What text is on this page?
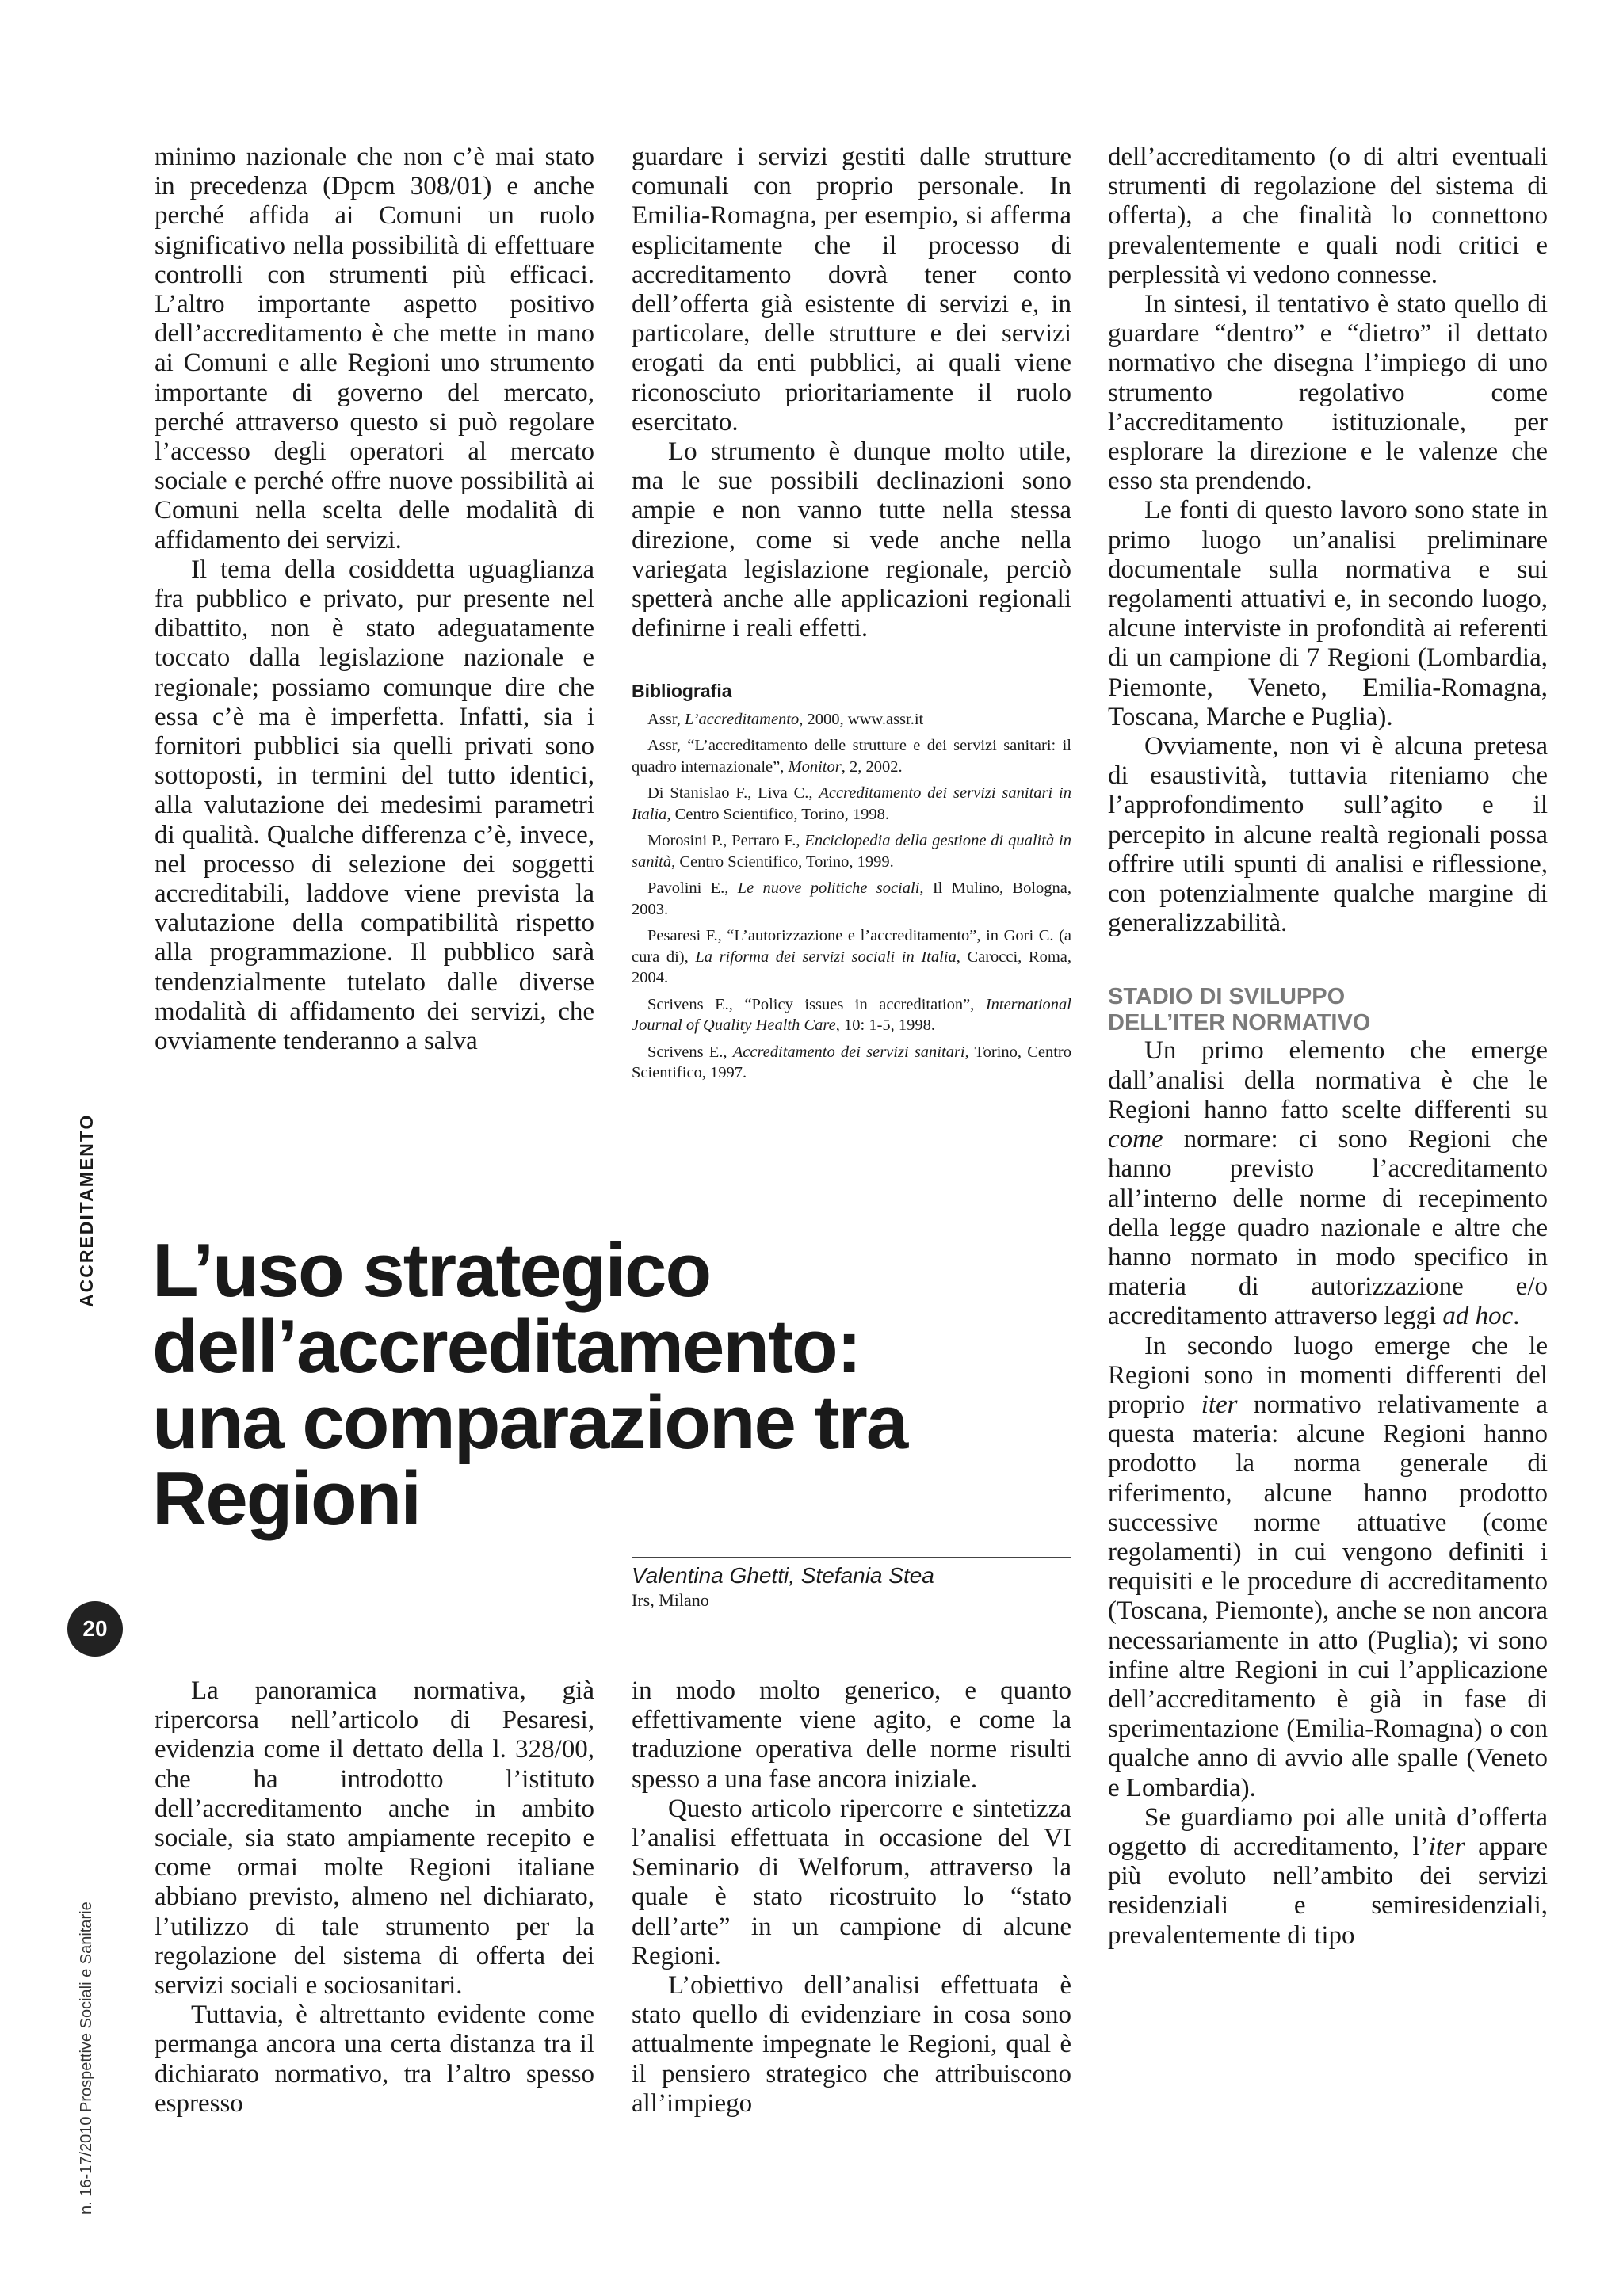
ACCREDITAMENTO
20
n. 16-17/2010 Prospettive Sociali e Sanitarie

minimo nazionale che non c’è mai stato in precedenza (Dpcm 308/01) e anche perché affida ai Comuni un ruolo significativo nella possibilità di effettuare controlli con strumenti più efficaci. L’altro importante aspetto positivo dell’accreditamento è che mette in mano ai Comuni e alle Regioni uno strumento importante di governo del mercato, perché attraverso questo si può regolare l’accesso degli operatori al mercato sociale e perché offre nuove possibilità ai Comuni nella scelta delle modalità di affidamento dei servizi.

Il tema della cosiddetta uguaglianza fra pubblico e privato, pur presente nel dibattito, non è stato adeguatamente toccato dalla legislazione nazionale e regionale; possiamo comunque dire che essa c’è ma è imperfetta. Infatti, sia i fornitori pubblici sia quelli privati sono sottoposti, in termini del tutto identici, alla valutazione dei medesimi parametri di qualità. Qualche differenza c’è, invece, nel processo di selezione dei soggetti accreditabili, laddove viene prevista la valutazione della compatibilità rispetto alla programmazione. Il pubblico sarà tendenzialmente tutelato dalle diverse modalità di affidamento dei servizi, che ovviamente tenderanno a salva

guardare i servizi gestiti dalle strutture comunali con proprio personale. In Emilia-Romagna, per esempio, si afferma esplicitamente che il processo di accreditamento dovrà tener conto dell’offerta già esistente di servizi e, in particolare, delle strutture e dei servizi erogati da enti pubblici, ai quali viene riconosciuto prioritariamente il ruolo esercitato.

Lo strumento è dunque molto utile, ma le sue possibili declinazioni sono ampie e non vanno tutte nella stessa direzione, come si vede anche nella variegata legislazione regionale, perciò spetterà anche alle applicazioni regionali definirne i reali effetti.

Bibliografia
Assr, L’accreditamento, 2000, www.assr.it
Assr, “L’accreditamento delle strutture e dei servizi sanitari: il quadro internazionale”, Monitor, 2, 2002.
Di Stanislao F., Liva C., Accreditamento dei servizi sanitari in Italia, Centro Scientifico, Torino, 1998.
Morosini P., Perraro F., Enciclopedia della gestione di qualità in sanità, Centro Scientifico, Torino, 1999.
Pavolini E., Le nuove politiche sociali, Il Mulino, Bologna, 2003.
Pesaresi F., “L’autorizzazione e l’accreditamento”, in Gori C. (a cura di), La riforma dei servizi sociali in Italia, Carocci, Roma, 2004.
Scrivens E., “Policy issues in accreditation”, International Journal of Quality Health Care, 10: 1-5, 1998.
Scrivens E., Accreditamento dei servizi sanitari, Torino, Centro Scientifico, 1997.

dell’accreditamento (o di altri eventuali strumenti di regolazione del sistema di offerta), a che finalità lo connettono prevalentemente e quali nodi critici e perplessità vi vedono connesse.

In sintesi, il tentativo è stato quello di guardare “dentro” e “dietro” il dettato normativo che disegna l’impiego di uno strumento regolativo come l’accreditamento istituzionale, per esplorare la direzione e le valenze che esso sta prendendo.

Le fonti di questo lavoro sono state in primo luogo un’analisi preliminare documentale sulla normativa e sui regolamenti attuativi e, in secondo luogo, alcune interviste in profondità ai referenti di un campione di 7 Regioni (Lombardia, Piemonte, Veneto, Emilia-Romagna, Toscana, Marche e Puglia).

Ovviamente, non vi è alcuna pretesa di esaustività, tuttavia riteniamo che l’approfondimento sull’agito e il percepito in alcune realtà regionali possa offrire utili spunti di analisi e riflessione, con potenzialmente qualche margine di generalizzabilità.

STADIO DI SVILUPPO
DELL’ITER NORMATIVO

Un primo elemento che emerge dall’analisi della normativa è che le Regioni hanno fatto scelte differenti su come normare: ci sono Regioni che hanno previsto l’accreditamento all’interno delle norme di recepimento della legge quadro nazionale e altre che hanno normato in modo specifico in materia di autorizzazione e/o accreditamento attraverso leggi ad hoc.

In secondo luogo emerge che le Regioni sono in momenti differenti del proprio iter normativo relativamente a questa materia: alcune Regioni hanno prodotto la norma generale di riferimento, alcune hanno prodotto successive norme attuative (come regolamenti) in cui vengono definiti i requisiti e le procedure di accreditamento (Toscana, Piemonte), anche se non ancora necessariamente in atto (Puglia); vi sono infine altre Regioni in cui l’applicazione dell’accreditamento è già in fase di sperimentazione (Emilia-Romagna) o con qualche anno di avvio alle spalle (Veneto e Lombardia).

Se guardiamo poi alle unità d’offerta oggetto di accreditamento, l’iter appare più evoluto nell’ambito dei servizi residenziali e semiresidenziali, prevalentemente di tipo

L’uso strategico
dell’accreditamento:
una comparazione tra
Regioni
Valentina Ghetti, Stefania Stea
Irs, Milano

La panoramica normativa, già ripercorsa nell’articolo di Pesaresi, evidenzia come il dettato della l. 328/00, che ha introdotto l’istituto dell’accreditamento anche in ambito sociale, sia stato ampiamente recepito e come ormai molte Regioni italiane abbiano previsto, almeno nel dichiarato, l’utilizzo di tale strumento per la regolazione del sistema di offerta dei servizi sociali e sociosanitari.

Tuttavia, è altrettanto evidente come permanga ancora una certa distanza tra il dichiarato normativo, tra l’altro spesso espresso

in modo molto generico, e quanto effettivamente viene agito, e come la traduzione operativa delle norme risulti spesso a una fase ancora iniziale.

Questo articolo ripercorre e sintetizza l’analisi effettuata in occasione del VI Seminario di Welforum, attraverso la quale è stato ricostruito lo “stato dell’arte” in un campione di alcune Regioni.

L’obiettivo dell’analisi effettuata è stato quello di evidenziare in cosa sono attualmente impegnate le Regioni, qual è il pensiero strategico che attribuiscono all’impiego
